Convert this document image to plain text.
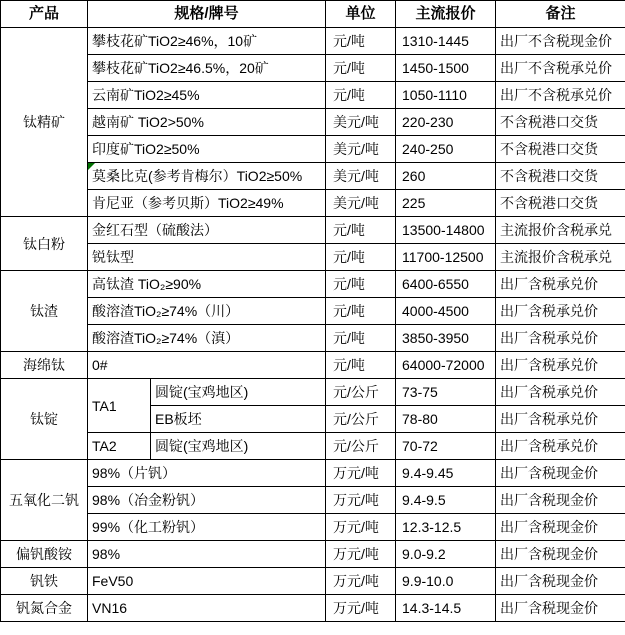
产品	规格/牌号		单位	主流报价	备注
钛精矿	攀枝花矿TiO2≥46%，10矿		元/吨	1310-1445	出厂不含税现金价
	攀枝花矿TiO2≥46.5%，20矿		元/吨	1450-1500	出厂不含税承兑价
	云南矿TiO2≥45%		元/吨	1050-1110	出厂不含税承兑价
	越南矿 TiO2>50%		美元/吨	220-230	不含税港口交货
	印度矿TiO2≥50%		美元/吨	240-250	不含税港口交货
	莫桑比克(参考肯梅尔）TiO2≥50%		美元/吨	260	不含税港口交货
	肯尼亚（参考贝斯）TiO2≥49%		美元/吨	225	不含税港口交货
钛白粉	金红石型（硫酸法）		元/吨	13500-14800	主流报价含税承兑
	锐钛型		元/吨	11700-12500	主流报价含税承兑
钛渣	高钛渣 TiO₂≥90%		元/吨	6400-6550	出厂含税承兑价
	酸溶渣TiO₂≥74%（川）		元/吨	4000-4500	出厂含税承兑价
	酸溶渣TiO₂≥74%（滇）		元/吨	3850-3950	出厂含税承兑价
海绵钛	0#		元/吨	64000-72000	出厂含税承兑价
钛锭	TA1	圆锭(宝鸡地区)	元/公斤	73-75	出厂含税承兑价
		EB板坯	元/公斤	78-80	出厂含税承兑价
	TA2	圆锭(宝鸡地区)	元/公斤	70-72	出厂含税承兑价
五氧化二钒	98%（片钒）		万元/吨	9.4-9.45	出厂含税现金价
	98%（冶金粉钒）		万元/吨	9.4-9.5	出厂含税现金价
	99%（化工粉钒）		万元/吨	12.3-12.5	出厂含税现金价
偏钒酸铵	98%		万元/吨	9.0-9.2	出厂含税现金价
钒铁	FeV50		万元/吨	9.9-10.0	出厂含税现金价
钒氮合金	VN16		万元/吨	14.3-14.5	出厂含税现金价
